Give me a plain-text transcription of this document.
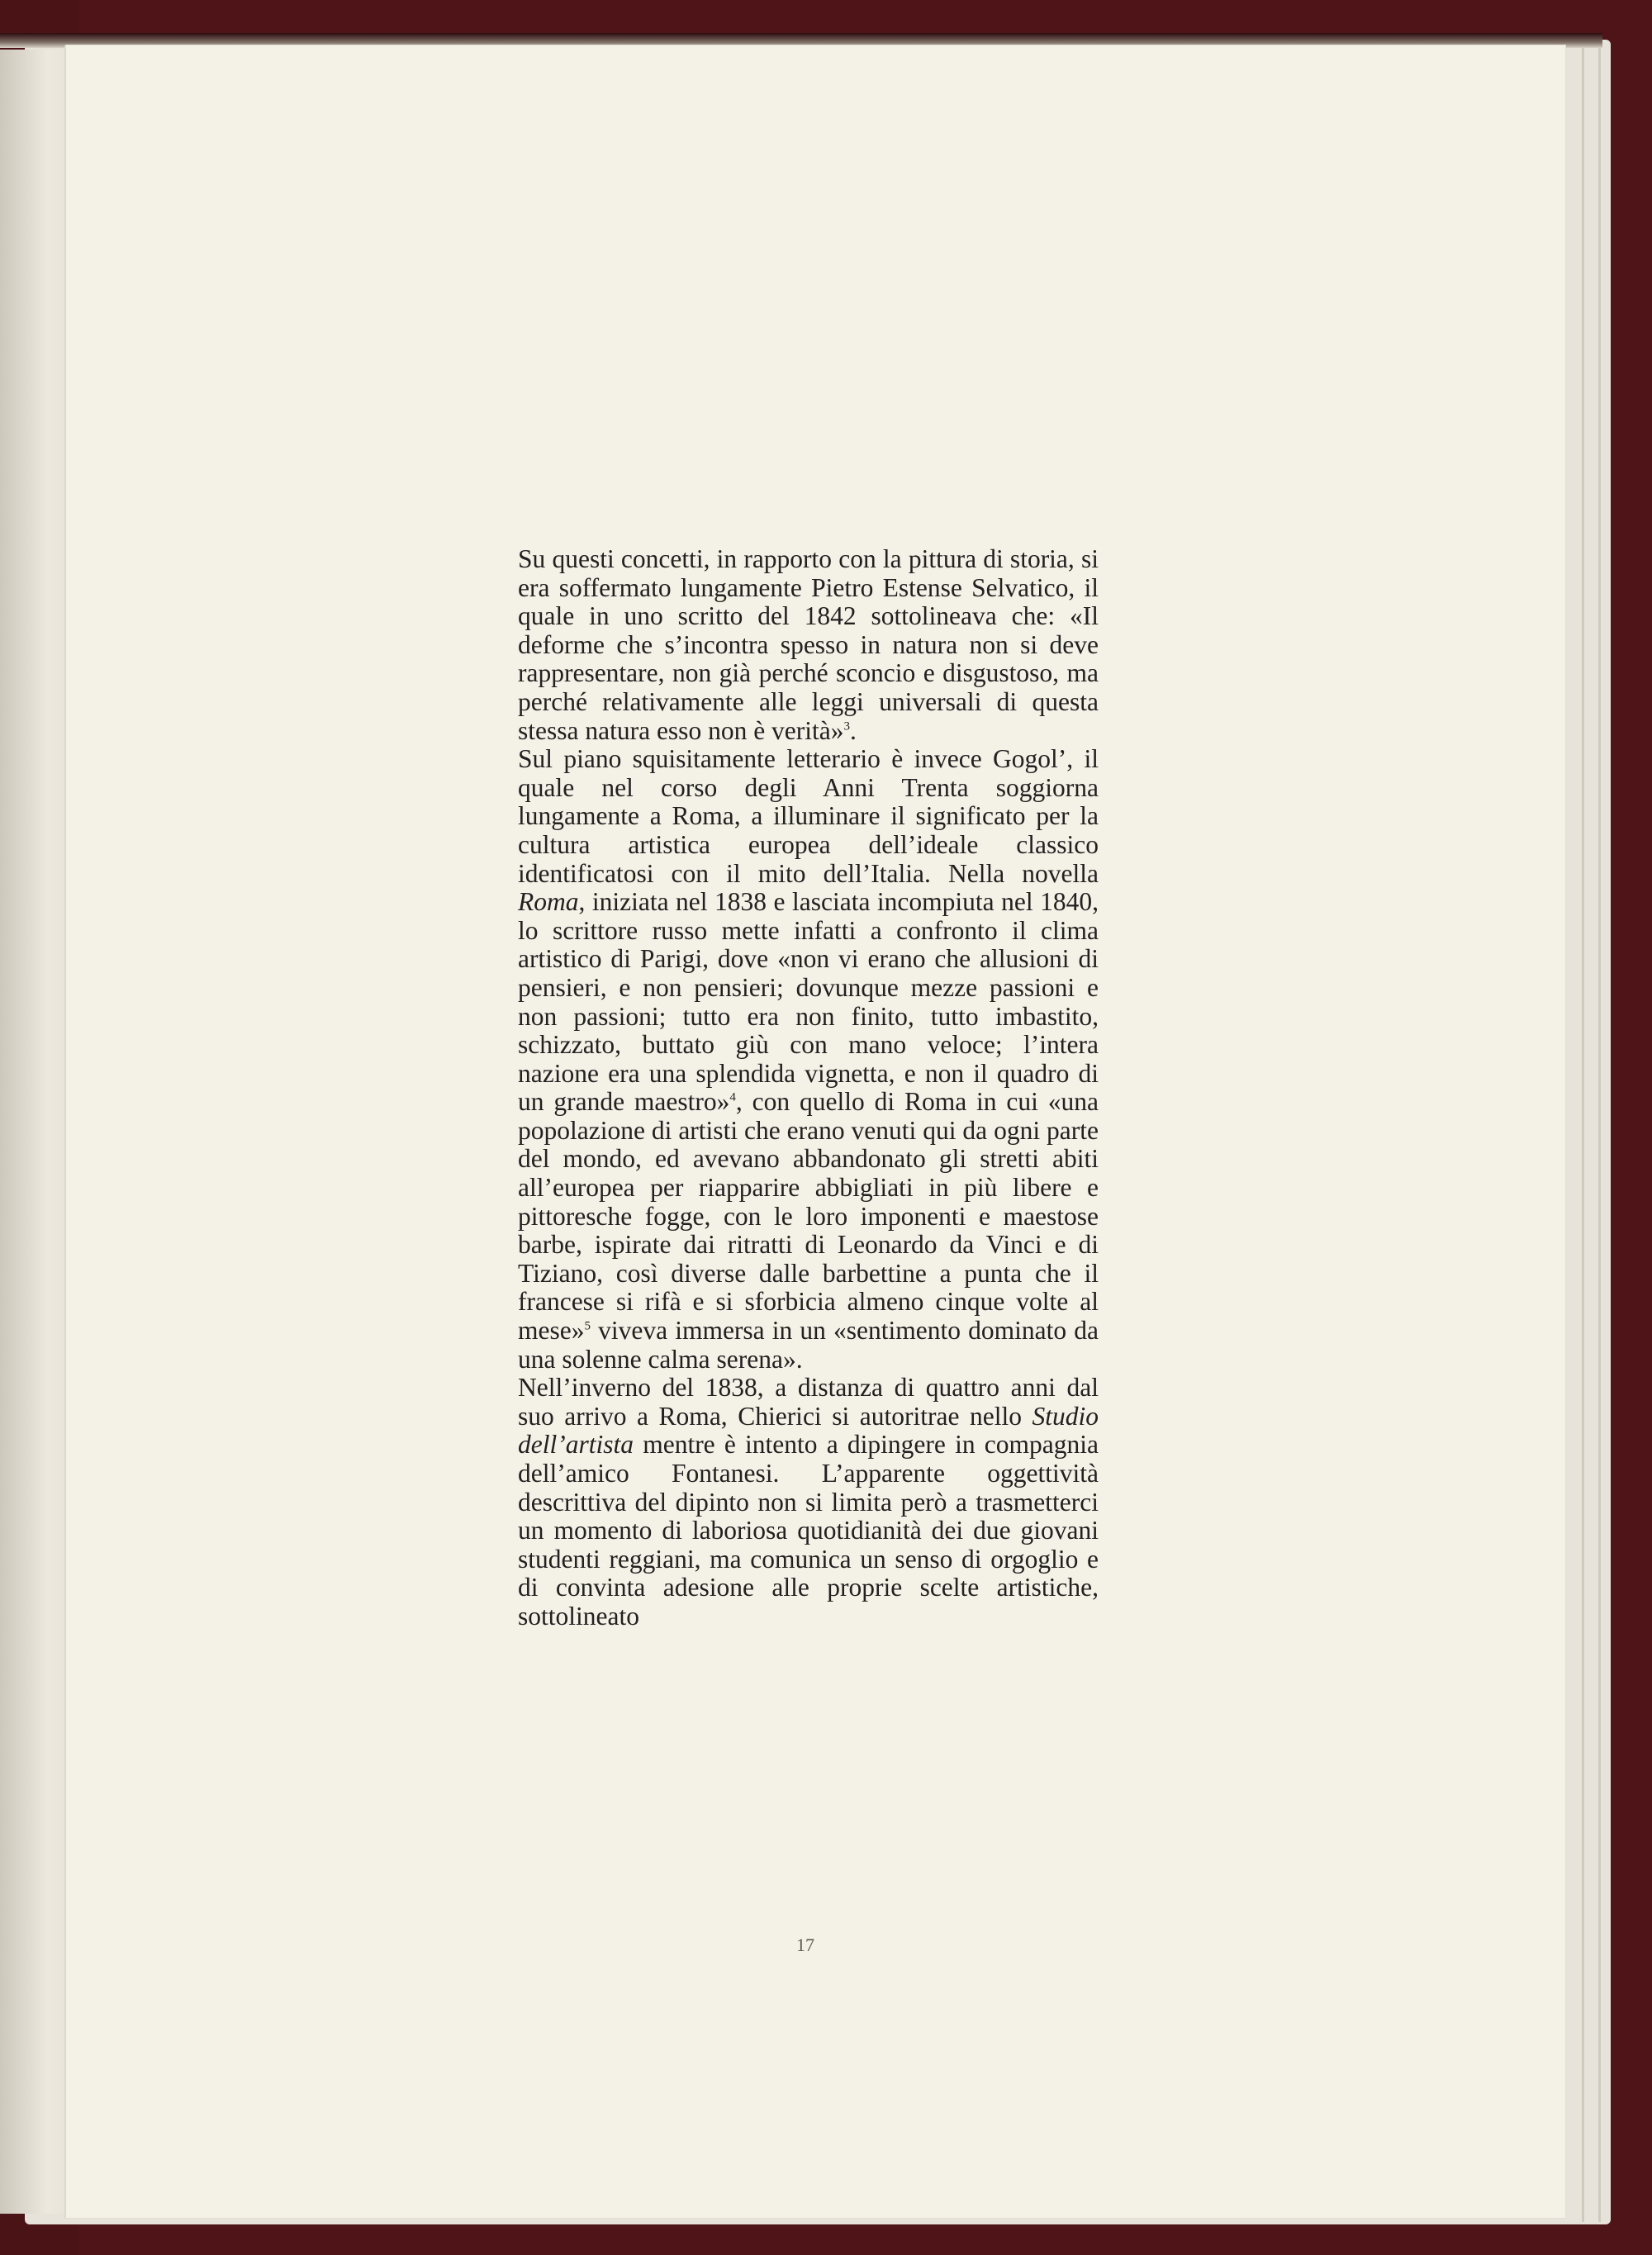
Su questi concetti, in rapporto con la pittura di storia, si era soffermato lungamente Pietro Estense Selvatico, il quale in uno scritto del 1842 sottolineava che: «Il deforme che s’incontra spesso in natura non si deve rappresentare, non già perché sconcio e disgustoso, ma perché relativamente alle leggi universali di questa stessa natura esso non è verità»$^3$.

Sul piano squisitamente letterario è invece Gogol’, il quale nel corso degli Anni Trenta soggiorna lungamente a Roma, a illuminare il significato per la cultura artistica europea dell’ideale classico identificatosi con il mito dell’Italia. Nella novella Roma, iniziata nel 1838 e lasciata incompiuta nel 1840, lo scrittore russo mette infatti a confronto il clima artistico di Parigi, dove «non vi erano che allusioni di pensieri, e non pensieri; dovunque mezze passioni e non passioni; tutto era non finito, tutto imbastito, schizzato, buttato giù con mano veloce; l’intera nazione era una splendida vignetta, e non il quadro di un grande maestro»$^4$, con quello di Roma in cui «una popolazione di artisti che erano venuti qui da ogni parte del mondo, ed avevano abbandonato gli stretti abiti all’europea per riapparire abbigliati in più libere e pittoresche fogge, con le loro imponenti e maestose barbe, ispirate dai ritratti di Leonardo da Vinci e di Tiziano, così diverse dalle barbettine a punta che il francese si rifà e si sforbicia almeno cinque volte al mese»$^5$ viveva immersa in un «sentimento dominato da una solenne calma serena».

Nell’inverno del 1838, a distanza di quattro anni dal suo arrivo a Roma, Chierici si autoritrae nello Studio dell’artista mentre è intento a dipingere in compagnia dell’amico Fontanesi. L’apparente oggettività descrittiva del dipinto non si limita però a trasmetterci un momento di laboriosa quotidianità dei due giovani studenti reggiani, ma comunica un senso di orgoglio e di convinta adesione alle proprie scelte artistiche, sottolineato

17
